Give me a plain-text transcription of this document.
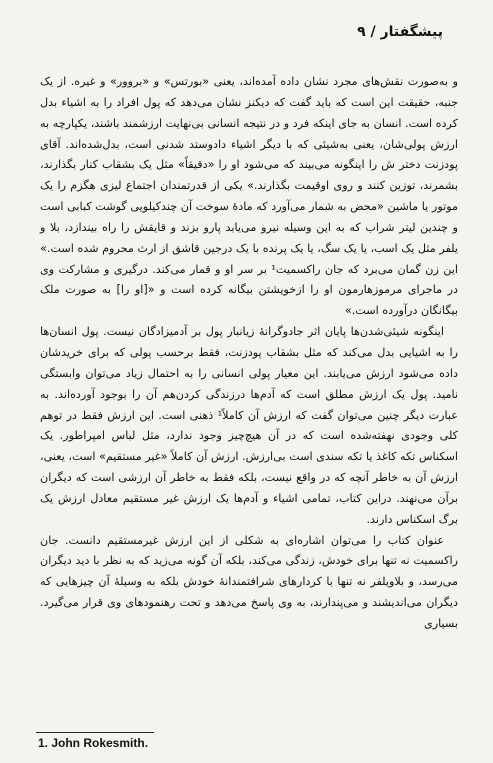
پیشگفتار / ۹

و به‌صورت نقش‌های مجرد نشان داده آمده‌اند، یعنی «بورتس» و «بروور» و غیره. از یک جنبه، حقیقت این است که باید گفت که دیکنز نشان می‌دهد که پول افراد را به اشیاء بدل کرده است. انسان به جای اینکه فرد و در نتیجه انسانی بی‌نهایت ارزشمند باشند، یکپارچه به ارزش پولی‌شان، یعنی به‌شیئی که با دیگر اشیاء دادوستد شدنی است، بدل‌شده‌اند. آقای پودزنت دختر ش را اینگونه می‌بیند که می‌شود او را «دقیقاً» مثل یک بشقاب کنار بگذارند، بشمرند، توزین کنند و روی اوقیمت بگذارند.» یکی از قدرتمندان اجتماع لیزی هگزم را یک موتور یا ماشین «محض به شمار می‌آورد که مادهٔ سوخت آن چندکیلویی گوشت کبابی است و چندین لیتر شراب که به این وسیله نیرو می‌یابد پارو بزند و قایقش را راه بیندازد، بلا و یلفر مثل یک اسب، یا یک سگ، یا یک پرنده با یک درجین قاشق از ارث محروم شده است.» این زن گمان می‌برد که جان راکسمیت¹ بر سر او و قمار می‌کند. درگیری و مشارکت وی در ماجرای مرموزهارمون او را ازخویشتن بیگانه کرده است و «[او را] به صورت ملک بیگانگان درآورده است.»

اینگونه شیئی‌شدن‌ها پایان اثر جادوگرانهٔ زیانبار پول بر آدمیزادگان نیست. پول انسان‌ها را به اشیایی بدل می‌کند که مثل بشقاب پودزنت، فقط برحسب پولی که برای خریدشان داده می‌شود ارزش می‌یابند. این معیار پولی انسانی را به احتمال زیاد می‌توان وابستگی نامید. پول یک ارزش مطلق است که آدم‌ها درزندگی کردن‌هم آن را بوجود آورده‌اند. به عبارت دیگر چنین می‌توان گفت که ارزش آن کاملاً¹ ذهنی است. این ارزش فقط در توهم کلی وجودی نهفته‌شده است که در آن هیچ‌چیز وجود ندارد، مثل لباس امپراطور. یک اسکناس تکه کاغذ یا تکه سندی است بی‌ارزش. ارزش آن کاملاً «غیر مستقیم» است، یعنی، ارزش آن به خاطر آنچه که در واقع نیست، بلکه فقط به خاطر آن ارزشی است که دیگران برآن می‌نهند. دراین کتاب، تمامی اشیاء و آدم‌ها یک ارزش غیر مستقیم معادل ارزش یک برگ اسکناس دارند.

عنوان کتاب را می‌توان اشاره‌ای به شکلی از این ارزش غیرمستقیم دانست. جان راکسمیت نه تنها برای خودش، زندگی می‌کند، بلکه آن گونه می‌زید که به نظر با دید دیگران می‌رسد، و بلاویلفر نه تنها با کردارهای شرافتمندانهٔ خودش بلکه به وسیلهٔ آن چیزهایی که دیگران می‌اندیشند و می‌پندارند، به وی پاسخ می‌دهد و تحت رهنمودهای وی قرار می‌گیرد. بسیاری

1. John Rokesmith.
